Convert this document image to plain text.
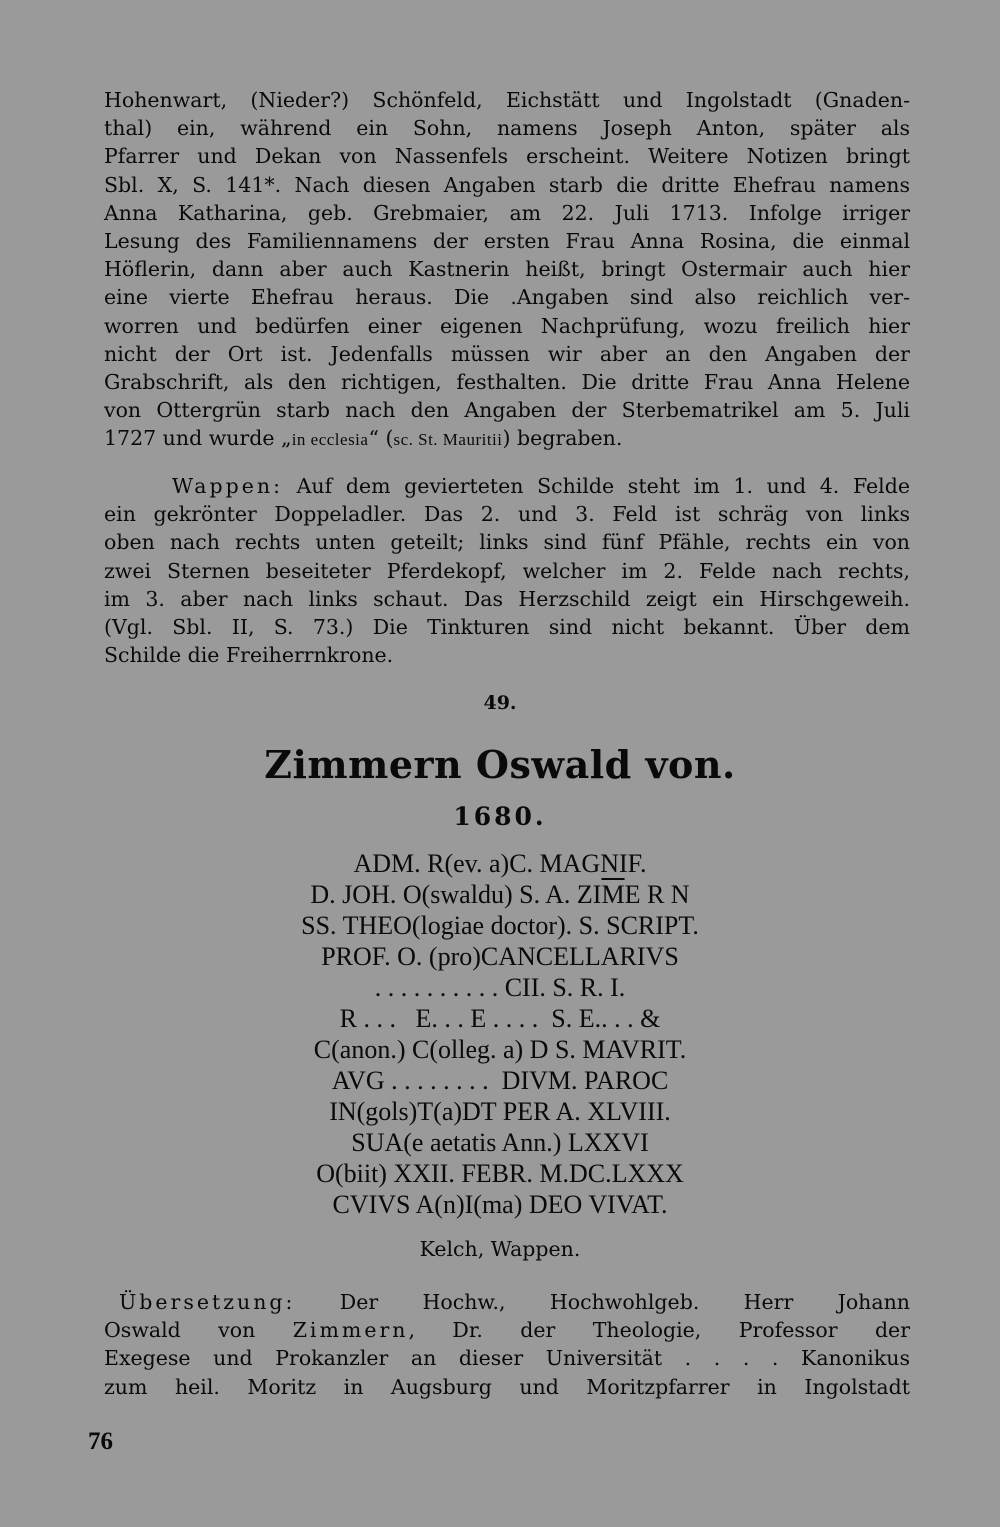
Hohenwart, (Nieder?) Schönfeld, Eichstätt und Ingolstadt (Gnaden-
thal) ein, während ein Sohn, namens Joseph Anton, später als
Pfarrer und Dekan von Nassenfels erscheint. Weitere Notizen bringt
Sbl. X, S. 141*. Nach diesen Angaben starb die dritte Ehefrau namens
Anna Katharina, geb. Grebmaier, am 22. Juli 1713. Infolge irriger
Lesung des Familiennamens der ersten Frau Anna Rosina, die einmal
Höflerin, dann aber auch Kastnerin heißt, bringt Ostermair auch hier
eine vierte Ehefrau heraus. Die .Angaben sind also reichlich ver-
worren und bedürfen einer eigenen Nachprüfung, wozu freilich hier
nicht der Ort ist. Jedenfalls müssen wir aber an den Angaben der
Grabschrift, als den richtigen, festhalten. Die dritte Frau Anna Helene
von Ottergrün starb nach den Angaben der Sterbematrikel am 5. Juli
1727 und wurde „in ecclesia“ (sc. St. Mauritii) begraben.
Wappen: Auf dem gevierteten Schilde steht im 1. und 4. Felde
ein gekrönter Doppeladler. Das 2. und 3. Feld ist schräg von links
oben nach rechts unten geteilt; links sind fünf Pfähle, rechts ein von
zwei Sternen beseiteter Pferdekopf, welcher im 2. Felde nach rechts,
im 3. aber nach links schaut. Das Herzschild zeigt ein Hirschgeweih.
(Vgl. Sbl. II, S. 73.) Die Tinkturen sind nicht bekannt. Über dem
Schilde die Freiherrnkrone.
49.
Zimmern Oswald von.
1680.
ADM. R(ev. a)C. MAGNIF.
D. JOH. O(swaldu) S. A. $ZI\overline{M}E$ R N
SS. THEO(logiae doctor). S. SCRIPT.
PROF. O. (pro)CANCELLARIVS
. . . . . . . . . . CII. S. R. I.
R . . .   E. . . E . . . .  S. E.. . . &
C(anon.) C(olleg. a) D S. MAVRIT.
AVG . . . . . . . .  DIVM. PAROC
IN(gols)T(a)DT PER A. XLVIII.
SUA(e aetatis Ann.) LXXVI
O(biit) XXII. FEBR. M.DC.LXXX
CVIVS A(n)I(ma) DEO VIVAT.
Kelch, Wappen.
Übersetzung: Der Hochw., Hochwohlgeb. Herr Johann
Oswald von Zimmern, Dr. der Theologie, Professor der
Exegese und Prokanzler an dieser Universität . . . . Kanonikus
zum heil. Moritz in Augsburg und Moritzpfarrer in Ingolstadt
76
